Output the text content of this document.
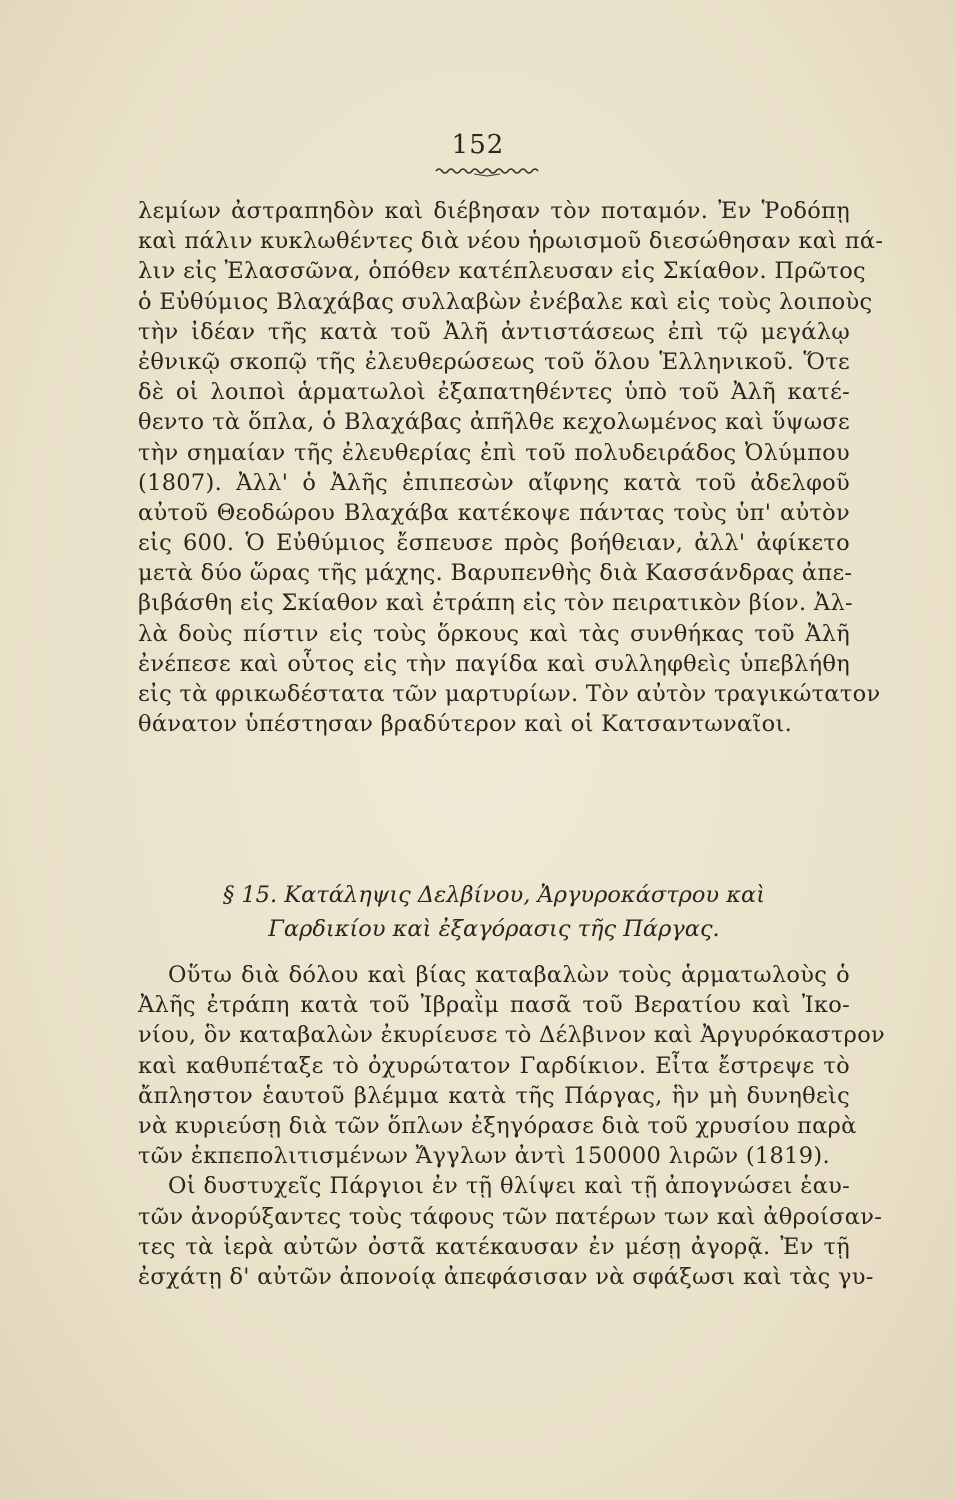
152
λεμίων ἀστραπηδὸν καὶ διέβησαν τὸν ποταμόν. Ἐν Ῥοδόπῃ
καὶ πάλιν κυκλωθέντες διὰ νέου ἡρωισμοῦ διεσώθησαν καὶ πά-
λιν εἰς Ἐλασσῶνα, ὁπόθεν κατέπλευσαν εἰς Σκίαθον. Πρῶτος
ὁ Εὐθύμιος Βλαχάβας συλλαβὼν ἐνέβαλε καὶ εἰς τοὺς λοιποὺς
τὴν ἰδέαν τῆς κατὰ τοῦ Ἀλῆ ἀντιστάσεως ἐπὶ τῷ μεγάλῳ
ἐθνικῷ σκοπῷ τῆς ἐλευθερώσεως τοῦ ὅλου Ἑλληνικοῦ. Ὅτε
δὲ οἱ λοιποὶ ἁρματωλοὶ ἐξαπατηθέντες ὑπὸ τοῦ Ἀλῆ κατέ-
θεντο τὰ ὅπλα, ὁ Βλαχάβας ἀπῆλθε κεχολωμένος καὶ ὕψωσε
τὴν σημαίαν τῆς ἐλευθερίας ἐπὶ τοῦ πολυδειράδος Ὀλύμπου
(1807). Ἀλλ' ὁ Ἀλῆς ἐπιπεσὼν αἴφνης κατὰ τοῦ ἀδελφοῦ
αὐτοῦ Θεοδώρου Βλαχάβα κατέκοψε πάντας τοὺς ὑπ' αὐτὸν
εἰς 600. Ὁ Εὐθύμιος ἔσπευσε πρὸς βοήθειαν, ἀλλ' ἀφίκετο
μετὰ δύο ὥρας τῆς μάχης. Βαρυπενθὴς διὰ Κασσάνδρας ἀπε-
βιβάσθη εἰς Σκίαθον καὶ ἐτράπη εἰς τὸν πειρατικὸν βίον. Ἀλ-
λὰ δοὺς πίστιν εἰς τοὺς ὅρκους καὶ τὰς συνθήκας τοῦ Ἀλῆ
ἐνέπεσε καὶ οὗτος εἰς τὴν παγίδα καὶ συλληφθεὶς ὑπεβλήθη
εἰς τὰ φρικωδέστατα τῶν μαρτυρίων. Τὸν αὐτὸν τραγικώτατον
θάνατον ὑπέστησαν βραδύτερον καὶ οἱ Κατσαντωναῖοι.
§ 15. Κατάληψις Δελβίνου, Ἀργυροκάστρου καὶ
Γαρδικίου καὶ ἐξαγόρασις τῆς Πάργας.
Οὕτω διὰ δόλου καὶ βίας καταβαλὼν τοὺς ἁρματωλοὺς ὁ
Ἀλῆς ἐτράπη κατὰ τοῦ Ἰβραῒμ πασᾶ τοῦ Βερατίου καὶ Ἰκο-
νίου, ὃν καταβαλὼν ἐκυρίευσε τὸ Δέλβινον καὶ Ἀργυρόκαστρον
καὶ καθυπέταξε τὸ ὀχυρώτατον Γαρδίκιον. Εἶτα ἔστρεψε τὸ
ἄπληστον ἑαυτοῦ βλέμμα κατὰ τῆς Πάργας, ἣν μὴ δυνηθεὶς
νὰ κυριεύσῃ διὰ τῶν ὅπλων ἐξηγόρασε διὰ τοῦ χρυσίου παρὰ
τῶν ἐκπεπολιτισμένων Ἄγγλων ἀντὶ 150000 λιρῶν (1819).
Οἱ δυστυχεῖς Πάργιοι ἐν τῇ θλίψει καὶ τῇ ἀπογνώσει ἑαυ-
τῶν ἀνορύξαντες τοὺς τάφους τῶν πατέρων των καὶ ἀθροίσαν-
τες τὰ ἱερὰ αὐτῶν ὀστᾶ κατέκαυσαν ἐν μέσῃ ἀγορᾷ. Ἐν τῇ
ἐσχάτῃ δ' αὐτῶν ἀπονοίᾳ ἀπεφάσισαν νὰ σφάξωσι καὶ τὰς γυ-
